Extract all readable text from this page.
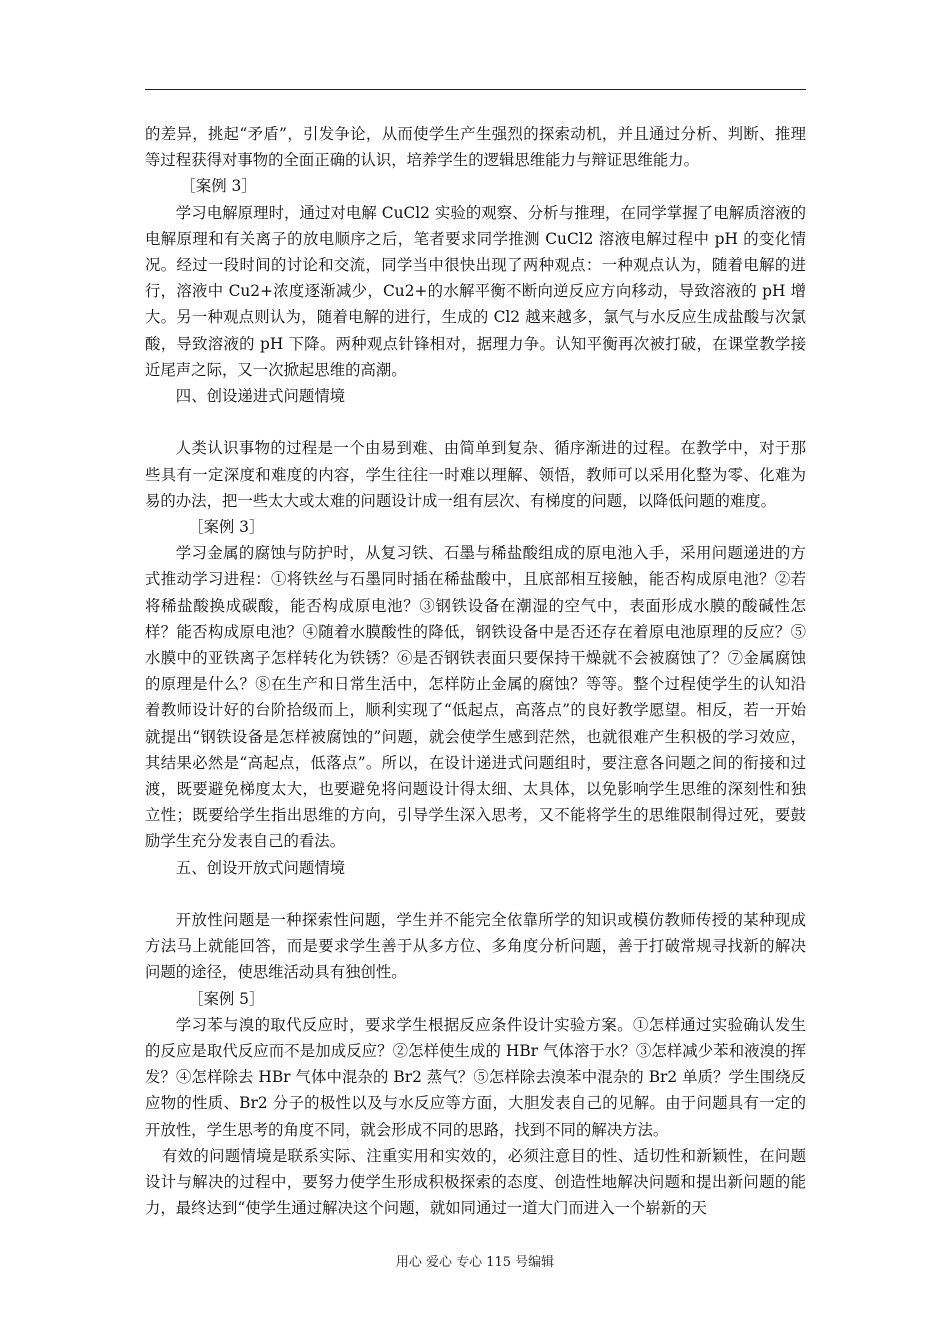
的差异，挑起“矛盾”，引发争论，从而使学生产生强烈的探索动机，并且通过分析、判断、推理等过程获得对事物的全面正确的认识，培养学生的逻辑思维能力与辩证思维能力。

［案例 3］

学习电解原理时，通过对电解 CuCl2 实验的观察、分析与推理，在同学掌握了电解质溶液的电解原理和有关离子的放电顺序之后，笔者要求同学推测 CuCl2 溶液电解过程中 pH 的变化情况。经过一段时间的讨论和交流，同学当中很快出现了两种观点：一种观点认为，随着电解的进行，溶液中 Cu2+浓度逐渐减少，Cu2+的水解平衡不断向逆反应方向移动，导致溶液的 pH 增大。另一种观点则认为，随着电解的进行，生成的 Cl2 越来越多，氯气与水反应生成盐酸与次氯酸，导致溶液的 pH 下降。两种观点针锋相对，据理力争。认知平衡再次被打破，在课堂教学接近尾声之际，又一次掀起思维的高潮。

四、创设递进式问题情境

人类认识事物的过程是一个由易到难、由简单到复杂、循序渐进的过程。在教学中，对于那些具有一定深度和难度的内容，学生往往一时难以理解、领悟，教师可以采用化整为零、化难为易的办法，把一些太大或太难的问题设计成一组有层次、有梯度的问题，以降低问题的难度。

［案例 3］

学习金属的腐蚀与防护时，从复习铁、石墨与稀盐酸组成的原电池入手，采用问题递进的方式推动学习进程：①将铁丝与石墨同时插在稀盐酸中，且底部相互接触，能否构成原电池？②若将稀盐酸换成碳酸，能否构成原电池？③钢铁设备在潮湿的空气中，表面形成水膜的酸碱性怎样？能否构成原电池？④随着水膜酸性的降低，钢铁设备中是否还存在着原电池原理的反应？⑤水膜中的亚铁离子怎样转化为铁锈？⑥是否钢铁表面只要保持干燥就不会被腐蚀了？⑦金属腐蚀的原理是什么？⑧在生产和日常生活中，怎样防止金属的腐蚀？等等。整个过程使学生的认知沿着教师设计好的台阶拾级而上，顺利实现了“低起点，高落点”的良好教学愿望。相反，若一开始就提出“钢铁设备是怎样被腐蚀的”问题，就会使学生感到茫然，也就很难产生积极的学习效应，其结果必然是“高起点，低落点”。所以，在设计递进式问题组时，要注意各问题之间的衔接和过渡，既要避免梯度太大，也要避免将问题设计得太细、太具体，以免影响学生思维的深刻性和独立性；既要给学生指出思维的方向，引导学生深入思考，又不能将学生的思维限制得过死，要鼓励学生充分发表自己的看法。

五、创设开放式问题情境

开放性问题是一种探索性问题，学生并不能完全依靠所学的知识或模仿教师传授的某种现成方法马上就能回答，而是要求学生善于从多方位、多角度分析问题，善于打破常规寻找新的解决问题的途径，使思维活动具有独创性。

［案例 5］

学习苯与溴的取代反应时，要求学生根据反应条件设计实验方案。①怎样通过实验确认发生的反应是取代反应而不是加成反应？②怎样使生成的 HBr 气体溶于水？③怎样减少苯和液溴的挥发？④怎样除去 HBr 气体中混杂的 Br2 蒸气？⑤怎样除去溴苯中混杂的 Br2 单质？学生围绕反应物的性质、Br2 分子的极性以及与水反应等方面，大胆发表自己的见解。由于问题具有一定的开放性，学生思考的角度不同，就会形成不同的思路，找到不同的解决方法。

有效的问题情境是联系实际、注重实用和实效的，必须注意目的性、适切性和新颖性，在问题设计与解决的过程中，要努力使学生形成积极探索的态度、创造性地解决问题和提出新问题的能力，最终达到“使学生通过解决这个问题，就如同通过一道大门而进入一个崭新的天

用心 爱心 专心 115 号编辑
